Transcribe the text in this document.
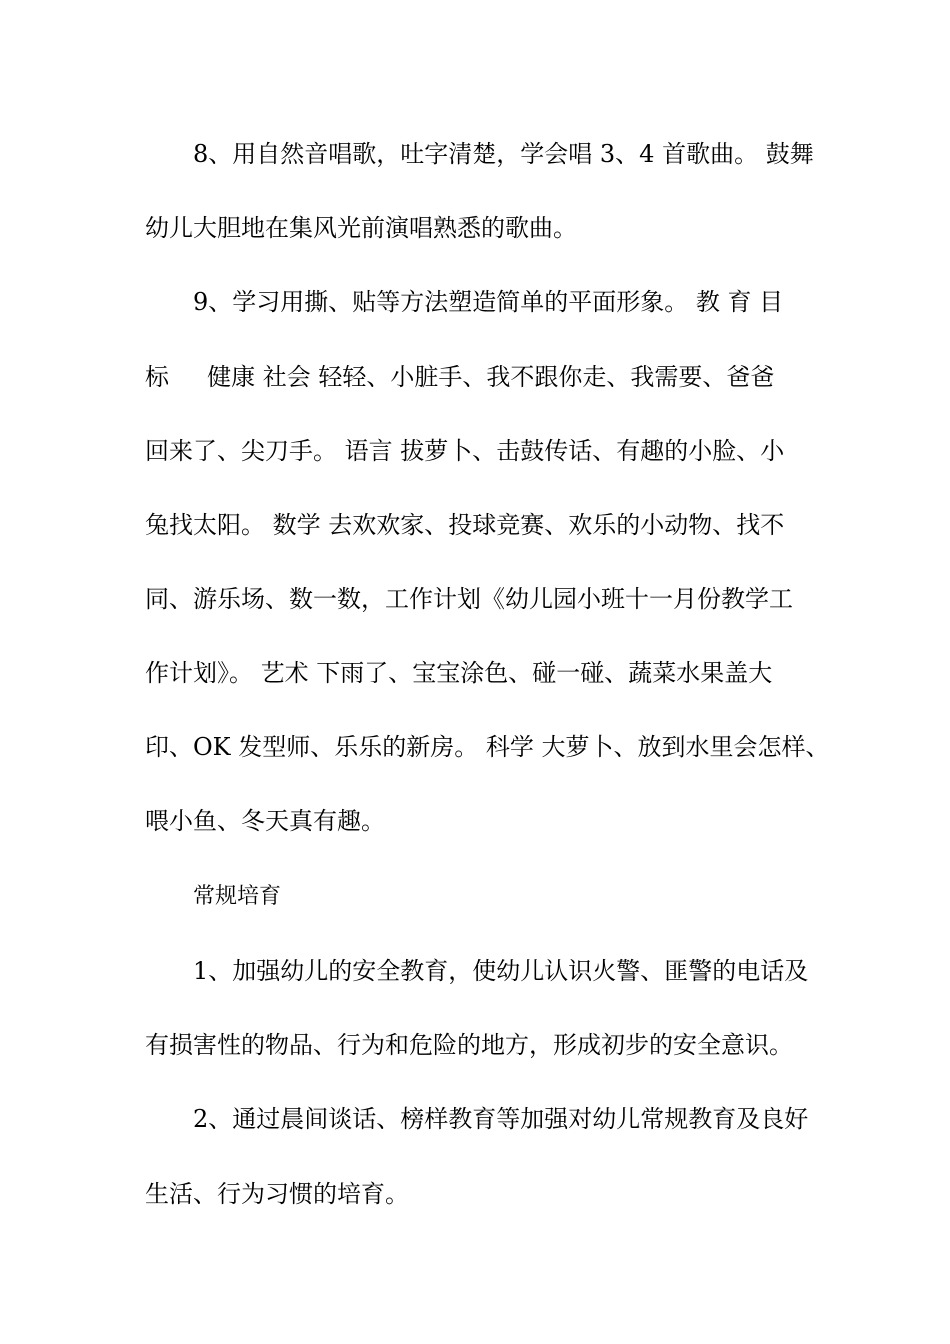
8、用自然音唱歌，吐字清楚，学会唱 3、4 首歌曲。 鼓舞
幼儿大胆地在集风光前演唱熟悉的歌曲。
9、学习用撕、贴等方法塑造简单的平面形象。 教 育 目
标     健康 社会 轻轻、小脏手、我不跟你走、我需要、爸爸
回来了、尖刀手。 语言 拔萝卜、击鼓传话、有趣的小脸、小
兔找太阳。 数学 去欢欢家、投球竞赛、欢乐的小动物、找不
同、游乐场、数一数，工作计划《幼儿园小班十一月份教学工
作计划》。 艺术 下雨了、宝宝涂色、碰一碰、蔬菜水果盖大
印、OK 发型师、乐乐的新房。 科学 大萝卜、放到水里会怎样、
喂小鱼、冬天真有趣。
常规培育
1、加强幼儿的安全教育，使幼儿认识火警、匪警的电话及
有损害性的物品、行为和危险的地方，形成初步的安全意识。
2、通过晨间谈话、榜样教育等加强对幼儿常规教育及良好
生活、行为习惯的培育。
